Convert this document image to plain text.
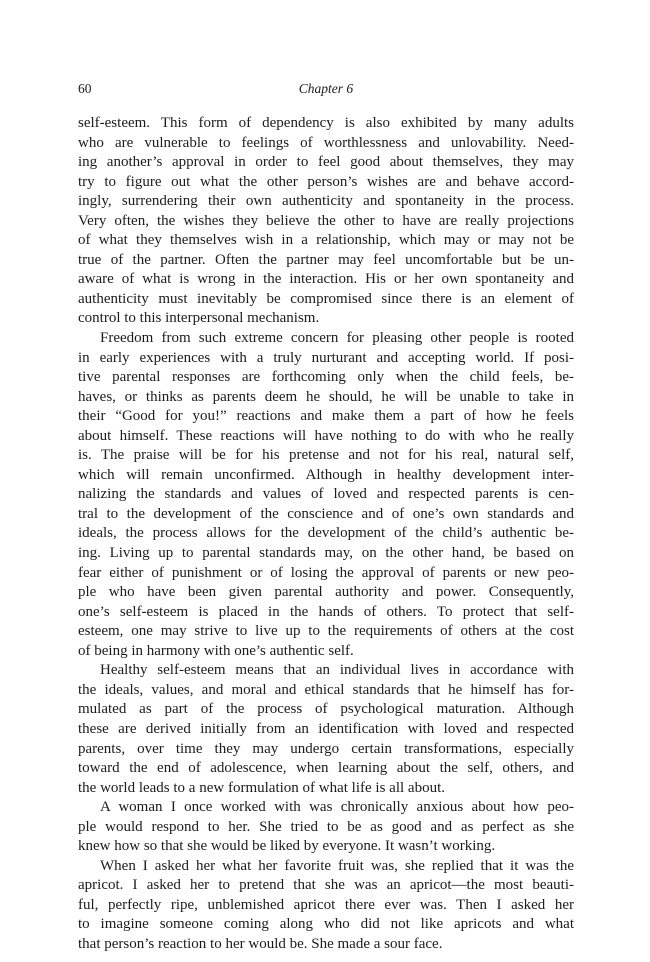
60	Chapter 6
self-esteem. This form of dependency is also exhibited by many adults
who are vulnerable to feelings of worthlessness and unlovability. Need-
ing another’s approval in order to feel good about themselves, they may
try to figure out what the other person’s wishes are and behave accord-
ingly, surrendering their own authenticity and spontaneity in the process.
Very often, the wishes they believe the other to have are really projections
of what they themselves wish in a relationship, which may or may not be
true of the partner. Often the partner may feel uncomfortable but be un-
aware of what is wrong in the interaction. His or her own spontaneity and
authenticity must inevitably be compromised since there is an element of
control to this interpersonal mechanism.
Freedom from such extreme concern for pleasing other people is rooted
in early experiences with a truly nurturant and accepting world. If posi-
tive parental responses are forthcoming only when the child feels, be-
haves, or thinks as parents deem he should, he will be unable to take in
their “Good for you!” reactions and make them a part of how he feels
about himself. These reactions will have nothing to do with who he really
is. The praise will be for his pretense and not for his real, natural self,
which will remain unconfirmed. Although in healthy development inter-
nalizing the standards and values of loved and respected parents is cen-
tral to the development of the conscience and of one’s own standards and
ideals, the process allows for the development of the child’s authentic be-
ing. Living up to parental standards may, on the other hand, be based on
fear either of punishment or of losing the approval of parents or new peo-
ple who have been given parental authority and power. Consequently,
one’s self-esteem is placed in the hands of others. To protect that self-
esteem, one may strive to live up to the requirements of others at the cost
of being in harmony with one’s authentic self.
Healthy self-esteem means that an individual lives in accordance with
the ideals, values, and moral and ethical standards that he himself has for-
mulated as part of the process of psychological maturation. Although
these are derived initially from an identification with loved and respected
parents, over time they may undergo certain transformations, especially
toward the end of adolescence, when learning about the self, others, and
the world leads to a new formulation of what life is all about.
A woman I once worked with was chronically anxious about how peo-
ple would respond to her. She tried to be as good and as perfect as she
knew how so that she would be liked by everyone. It wasn’t working.
When I asked her what her favorite fruit was, she replied that it was the
apricot. I asked her to pretend that she was an apricot—the most beauti-
ful, perfectly ripe, unblemished apricot there ever was. Then I asked her
to imagine someone coming along who did not like apricots and what
that person’s reaction to her would be. She made a sour face.
